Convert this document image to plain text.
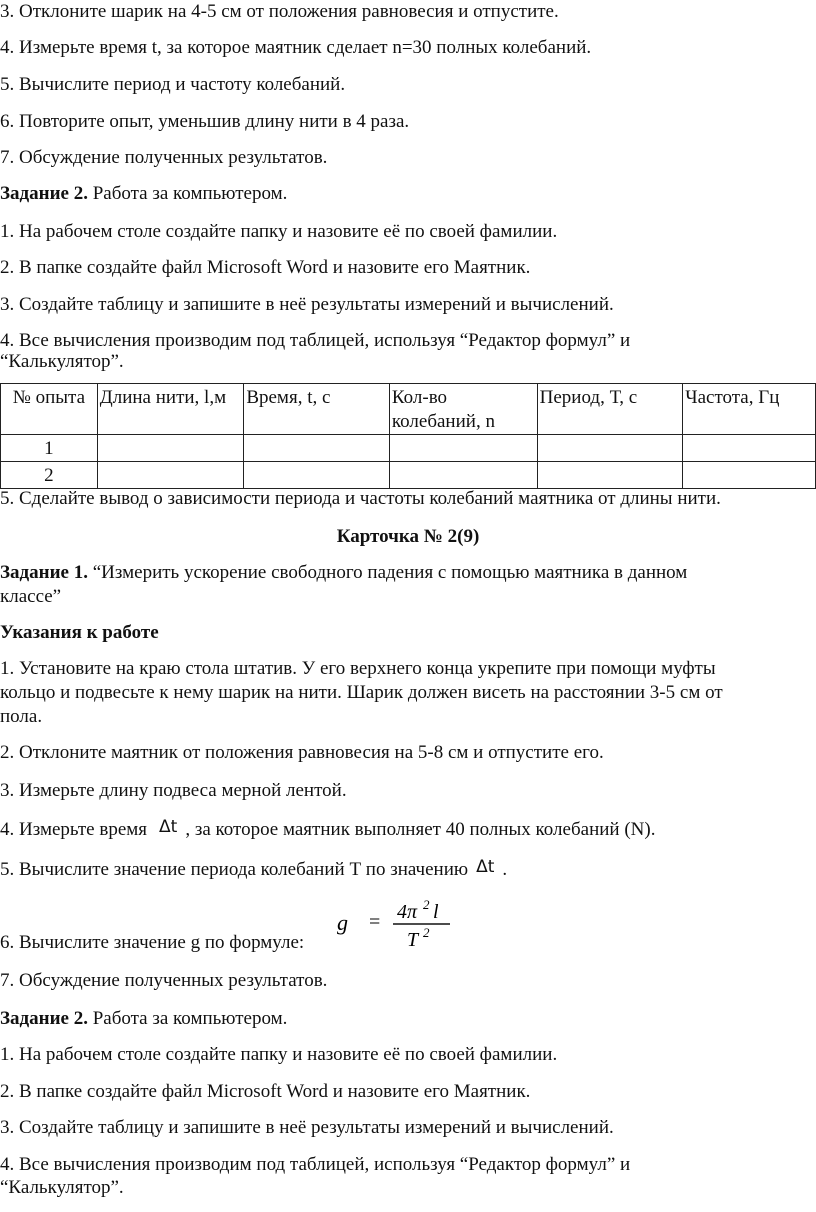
3. Отклоните шарик на 4-5 см от положения равновесия и отпустите.
4. Измерьте время t, за которое маятник сделает n=30 полных колебаний.
5. Вычислите период и частоту колебаний.
6. Повторите опыт, уменьшив длину нити в 4 раза.
7. Обсуждение полученных результатов.
Задание 2. Работа за компьютером.
1. На рабочем столе создайте папку и назовите её по своей фамилии.
2. В папке создайте файл Microsoft Word и назовите его Маятник.
3. Создайте таблицу и запишите в неё результаты измерений и вычислений.
4. Все вычисления производим под таблицей, используя “Редактор формул” и
“Калькулятор”.
№ опыта	Длина нити, l,м	Время, t, с	Кол-во колебаний, n	Период, Т, с	Частота, Гц
1					
2					
5. Сделайте вывод о зависимости периода и частоты колебаний маятника от длины нити.
Карточка № 2(9)
Задание 1. “Измерить ускорение свободного падения с помощью маятника в данном
классе”
Указания к работе
1. Установите на краю стола штатив. У его верхнего конца укрепите при помощи муфты
кольцо и подвесьте к нему шарик на нити. Шарик должен висеть на расстоянии 3-5 см от
пола.
2. Отклоните маятник от положения равновесия на 5-8 см и отпустите его.
3. Измерьте длину подвеса мерной лентой.
4. Измерьте время Δt , за которое маятник выполняет 40 полных колебаний (N).
5. Вычислите значение периода колебаний Т по значению Δt .
g = 4π 2 l
T 2
6. Вычислите значение g по формуле:
7. Обсуждение полученных результатов.
Задание 2. Работа за компьютером.
1. На рабочем столе создайте папку и назовите её по своей фамилии.
2. В папке создайте файл Microsoft Word и назовите его Маятник.
3. Создайте таблицу и запишите в неё результаты измерений и вычислений.
4. Все вычисления производим под таблицей, используя “Редактор формул” и
“Калькулятор”.
